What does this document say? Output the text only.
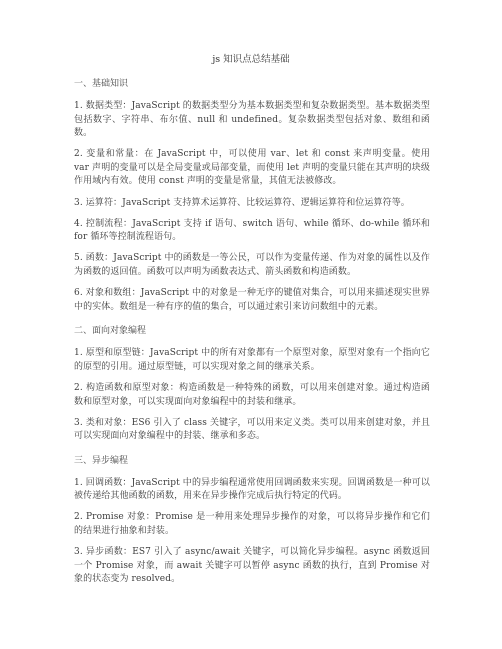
js 知识点总结基础
一、基础知识

1. 数据类型：JavaScript 的数据类型分为基本数据类型和复杂数据类型。基本数据类型包括数字、字符串、布尔值、null 和 undefined。复杂数据类型包括对象、数组和函数。

2. 变量和常量：在 JavaScript 中，可以使用 var、let 和 const 来声明变量。使用 var 声明的变量可以是全局变量或局部变量，而使用 let 声明的变量只能在其声明的块级作用域内有效。使用 const 声明的变量是常量，其值无法被修改。

3. 运算符：JavaScript 支持算术运算符、比较运算符、逻辑运算符和位运算符等。

4. 控制流程：JavaScript 支持 if 语句、switch 语句、while 循环、do-while 循环和 for 循环等控制流程语句。

5. 函数：JavaScript 中的函数是一等公民，可以作为变量传递、作为对象的属性以及作为函数的返回值。函数可以声明为函数表达式、箭头函数和构造函数。

6. 对象和数组：JavaScript 中的对象是一种无序的键值对集合，可以用来描述现实世界中的实体。数组是一种有序的值的集合，可以通过索引来访问数组中的元素。

二、面向对象编程

1. 原型和原型链：JavaScript 中的所有对象都有一个原型对象，原型对象有一个指向它的原型的引用。通过原型链，可以实现对象之间的继承关系。

2. 构造函数和原型对象：构造函数是一种特殊的函数，可以用来创建对象。通过构造函数和原型对象，可以实现面向对象编程中的封装和继承。

3. 类和对象：ES6 引入了 class 关键字，可以用来定义类。类可以用来创建对象，并且可以实现面向对象编程中的封装、继承和多态。

三、异步编程

1. 回调函数：JavaScript 中的异步编程通常使用回调函数来实现。回调函数是一种可以被传递给其他函数的函数，用来在异步操作完成后执行特定的代码。

2. Promise 对象：Promise 是一种用来处理异步操作的对象，可以将异步操作和它们的结果进行抽象和封装。

3. 异步函数：ES7 引入了 async/await 关键字，可以简化异步编程。async 函数返回一个 Promise 对象，而 await 关键字可以暂停 async 函数的执行，直到 Promise 对象的状态变为 resolved。
